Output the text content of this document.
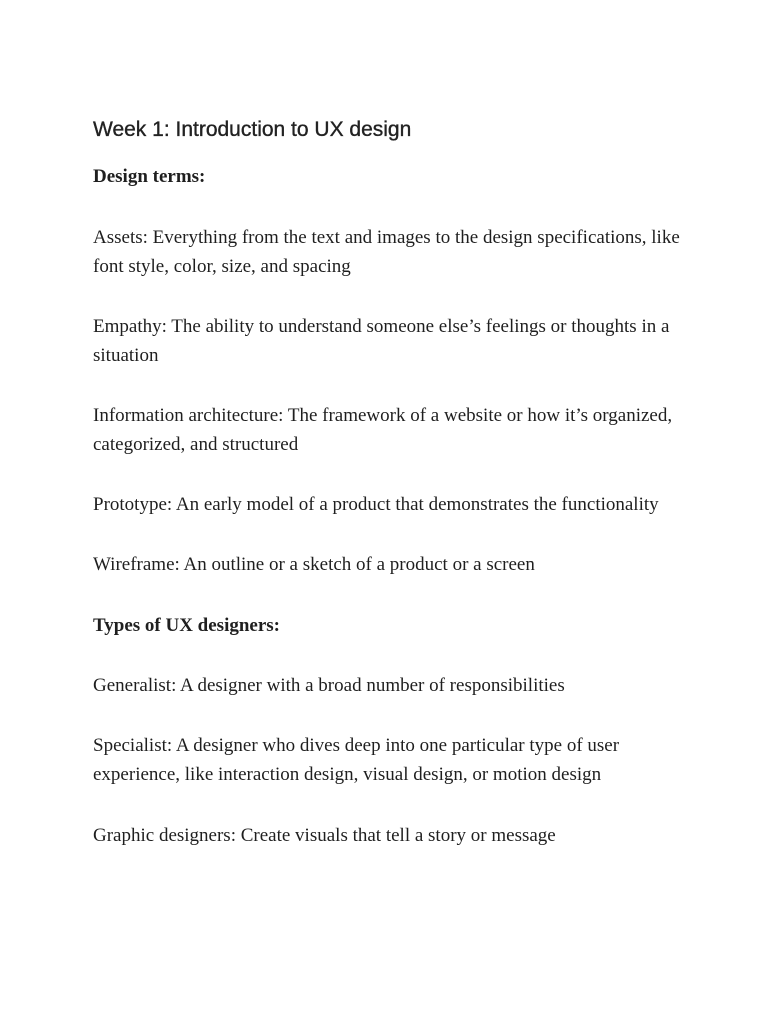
Week 1: Introduction to UX design

Design terms:

Assets: Everything from the text and images to the design specifications, like font style, color, size, and spacing

Empathy: The ability to understand someone else’s feelings or thoughts in a situation

Information architecture: The framework of a website or how it’s organized, categorized, and structured

Prototype: An early model of a product that demonstrates the functionality

Wireframe: An outline or a sketch of a product or a screen

Types of UX designers:

Generalist: A designer with a broad number of responsibilities

Specialist: A designer who dives deep into one particular type of user experience, like interaction design, visual design, or motion design

Graphic designers: Create visuals that tell a story or message
